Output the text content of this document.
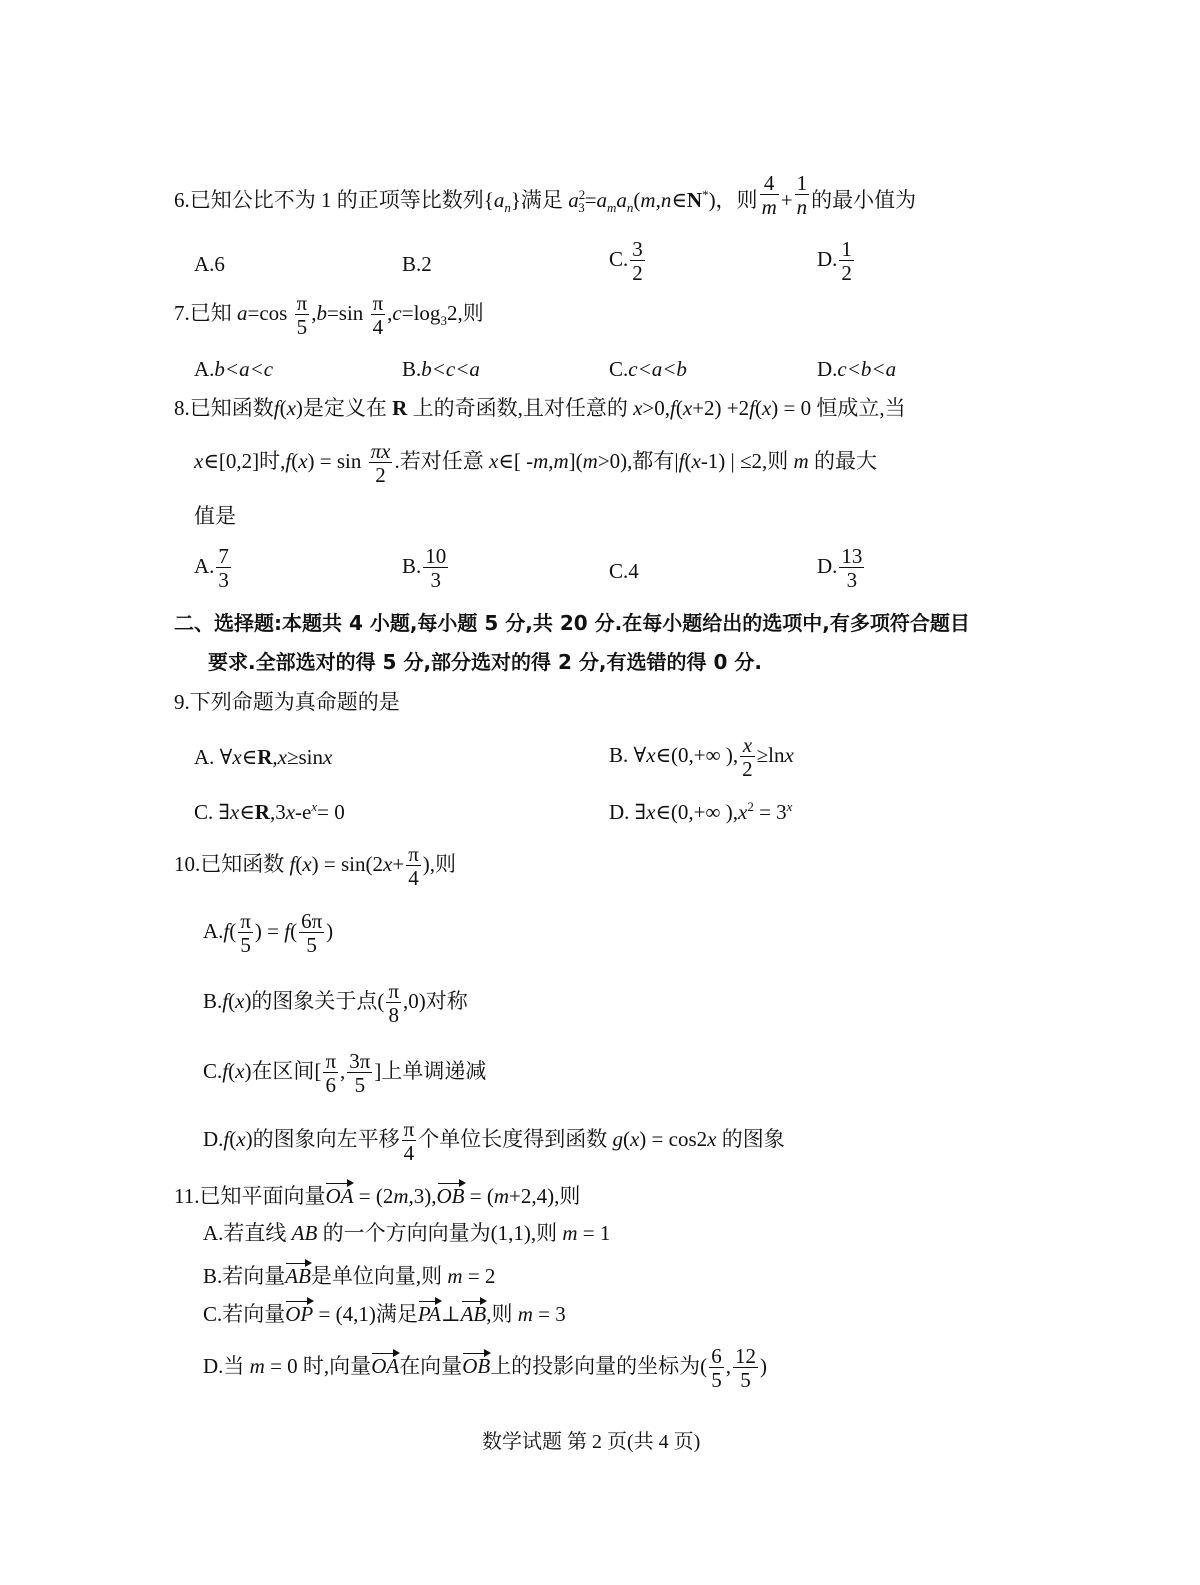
6.已知公比不为 1 的正项等比数列$\{a_n\}$满足 $a^2_3=a_ma_n(m,n\in N^*)$，则 $\frac{4}{m} + \frac{1}{n}$ 的最小值为
A.6	B.2	C. $\frac{3}{2}$	D. $\frac{1}{2}$
7.已知 $a=\cos \frac{\pi}{5} ,b=\sin \frac{\pi}{4} ,c=\log_32$,则
A.b<a<c	B.b<c<a	C.c<a<b	D.c<b<a
8.已知函数f(x)是定义在 R 上的奇函数,且对任意的 x>0,f(x+2) +2f(x) = 0 恒成立,当
x∈[0,2]时$,f(x) = \sin \frac{\pi x}{2}$ .若对任意 x∈[ -m,m](m>0),都有|f(x-1) | ≤2,则 m 的最大
值是
A. $\frac{7}{3}$	B. $\frac{10}{3}$	C.4	D. $\frac{13}{3}$
二、选择题:本题共 4 小题,每小题 5 分,共 20 分.在每小题给出的选项中,有多项符合题目
要求.全部选对的得 5 分,部分选对的得 2 分,有选错的得 0 分.
9.下列命题为真命题的是
A. ∀x∈R,x≥sinx	B. ∀x∈(0,+∞ ), $\frac{x}{2} \ge\ln x$
C. $\exists x\in R,3x-e^x= 0$	D. ∃x∈(0,+∞ )$,x^2 = 3^x$
10.已知函数 $f(x) = \sin(2x+ \frac{\pi}{4}$ ),则
$A.f( \frac{\pi}{5}$ ) = $f( \frac{6\pi}{5}$ )
B.f(x)的图象关于点( $\frac{\pi}{8} ,0$)对称
C.f(x)在区间[ $\frac{\pi}{6}$ , $\frac{3\pi}{5}$ ]上单调递减
D.f(x)的图象向左平移 $\frac{\pi}{4}$ 个单位长度得到函数 g(x) = cos2x 的图象
11.已知平面向量OA = (2m,3),OB = (m+2,4),则
A.若直线 AB 的一个方向向量为(1,1),则 m = 1
B.若向量AB是单位向量,则 m = 2
C.若向量OP = (4,1)满足PA⊥AB,则 m = 3
D.当 m = 0 时,向量OA在向量OB上的投影向量的坐标为( $\frac{6}{5}$ , $\frac{12}{5}$ )
数学试题 第 2 页(共 4 页)
